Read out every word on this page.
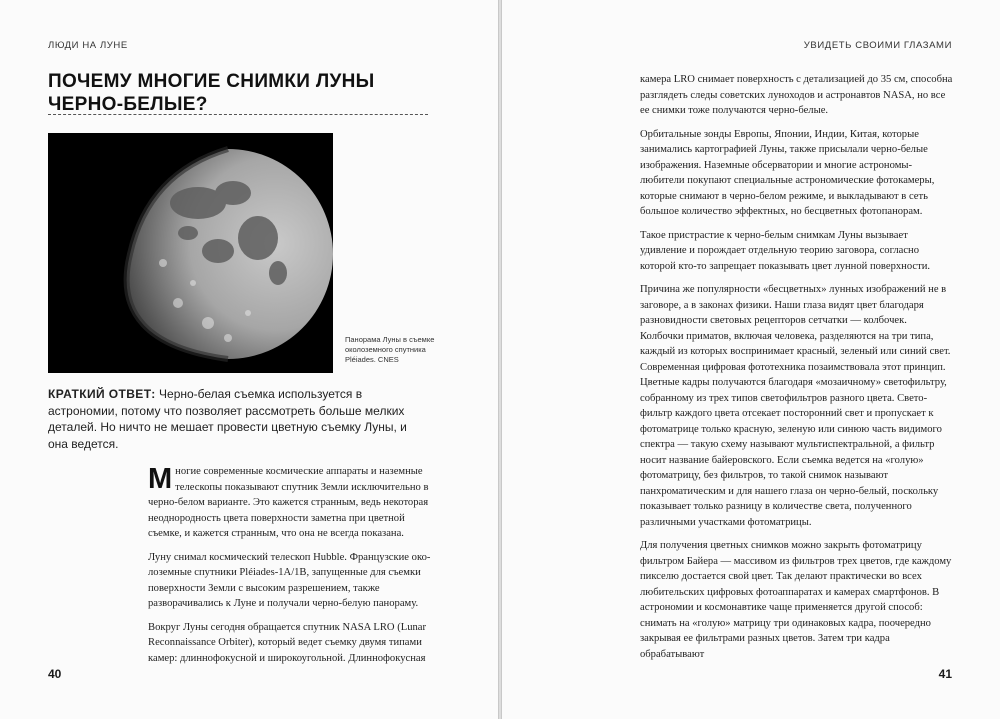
ЛЮДИ НА ЛУНЕ
ПОЧЕМУ МНОГИЕ СНИМКИ ЛУНЫ ЧЕРНО-БЕЛЫЕ?
Панорама Луны в съемке околоземного спутника Pléiades. CNES

КРАТКИЙ ОТВЕТ: Черно-белая съемка используется в астрономии, потому что позволяет рассмотреть больше мелких деталей. Но ничто не мешает провести цветную съемку Луны, и она ведется.

Многие современные космические аппараты и наземные телескопы показывают спутник Земли исключительно в черно-белом варианте. Это кажется странным, ведь некоторая неоднородность цвета поверхности заметна при цветной съемке, и кажется странным, что она не всегда показана.

Луну снимал космический телескоп Hubble. Французские околоземные спутники Pléiades-1A/1B, запущенные для съемки поверхности Земли с высоким разрешением, также разворачивались к Луне и получали черно-белую панораму.

Вокруг Луны сегодня обращается спутник NASA LRO (Lunar Reconnaissance Orbiter), который ведет съемку двумя типами камер: длиннофокусной и широкоугольной. Длиннофокусная

40
УВИДЕТЬ СВОИМИ ГЛАЗАМИ

камера LRO снимает поверхность с детализацией до 35 см, способна разглядеть следы советских луноходов и астронавтов NASA, но все ее снимки тоже получаются черно-белые.

Орбитальные зонды Европы, Японии, Индии, Китая, которые занимались картографией Луны, также присылали черно-белые изображения. Наземные обсерватории и многие астрономы-любители покупают специальные астрономические фотокамеры, которые снимают в черно-белом режиме, и выкладывают в сеть большое количество эффектных, но бесцветных фотопанорам.

Такое пристрастие к черно-белым снимкам Луны вызывает удивление и порождает отдельную теорию заговора, согласно которой кто-то запрещает показывать цвет лунной поверхности.

Причина же популярности «бесцветных» лунных изображений не в заговоре, а в законах физики. Наши глаза видят цвет благодаря разновидности световых рецепторов сетчатки — колбочек. Колбочки приматов, включая человека, разделяются на три типа, каждый из которых воспринимает красный, зеленый или синий свет. Современная цифровая фототехника позаимствовала этот принцип. Цветные кадры получаются благодаря «мозаичному» светофильтру, собранному из трех типов светофильтров разного цвета. Светофильтр каждого цвета отсекает посторонний свет и пропускает к фотоматрице только красную, зеленую или синюю часть видимого спектра — такую схему называют мультиспектральной, а фильтр носит название байеровского. Если съемка ведется на «голую» фотоматрицу, без фильтров, то такой снимок называют панхроматическим и для нашего глаза он черно-белый, поскольку показывает только разницу в количестве света, полученного различными участками фотоматрицы.

Для получения цветных снимков можно закрыть фотоматрицу фильтром Байера — массивом из фильтров трех цветов, где каждому пикселю достается свой цвет. Так делают практически во всех любительских цифровых фотоаппаратах и камерах смартфонов. В астрономии и космонавтике чаще применяется другой способ: снимать на «голую» матрицу три одинаковых кадра, поочередно закрывая ее фильтрами разных цветов. Затем три кадра обрабатывают

41
